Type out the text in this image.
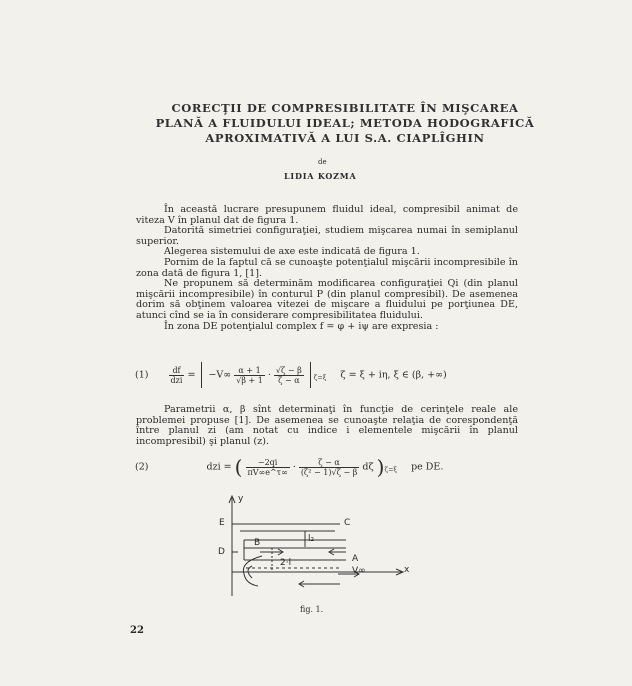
CORECŢII DE COMPRESIBILITATE ÎN MIŞCAREA PLANĂ A FLUIDULUI IDEAL; METODA HODOGRAFICĂ APROXIMATIVĂ A LUI S.A. CIAPLÎGHIN
de
LIDIA KOZMA

În această lucrare presupunem fluidul ideal, compresibil animat de viteza V în planul dat de figura 1.

Datorită simetriei configuraţiei, studiem mişcarea numai în semiplanul superior.

Alegerea sistemului de axe este indicată de figura 1.

Pornim de la faptul că se cunoaşte potenţialul mişcării incompresibile în zona dată de figura 1, [1].

Ne propunem să determinăm modificarea configuraţiei Qi (din planul mişcării incompresibile) în conturul P (din planul compresibil). De asemenea dorim să obţinem valoarea vitezei de mişcare a fluidului pe porţiunea DE, atunci cînd se ia în considerare compresibilitatea fluidului.

În zona DE potenţialul complex f = φ + iψ are expresia :

(1)	$\frac{df}{\text{dzi}} = -V\infty \frac{\alpha + 1}{√\beta + 1} \cdot \frac{√\zeta - \beta}{\zeta - \alpha} _{\zeta=\xi}$ ζ = ξ + iη, ξ ∈ (β, +∞)

Parametrii α, β sînt determinaţi în funcţie de cerinţele reale ale problemei propuse [1]. De asemenea se cunoaşte relaţia de corespondenţă între planul zi (am notat cu indice i elementele mişcării în planul incompresibil) şi planul (z).

(2)	dzi = ( $\frac{-2qi}{\pi V\infty e\^{}\tau\infty} \cdot \frac{\zeta - \alpha}{\text{(ζ² − 1)√ζ − β}}$ dζ )$_{\zeta=\xi}$ pe DE.
E	C
B
D
A
x
y
l₂
2·l
V∞
fig. 1.
22
